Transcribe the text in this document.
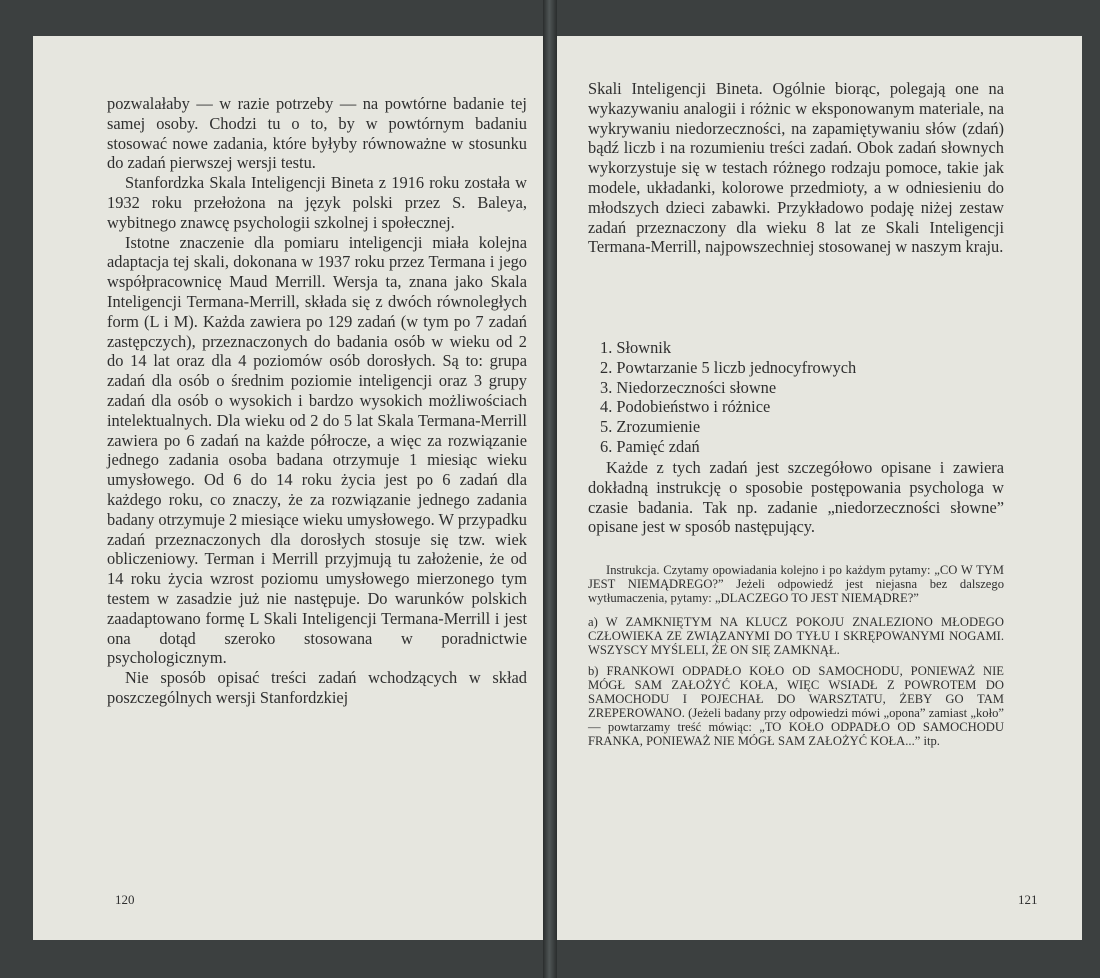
pozwalałaby — w razie potrzeby — na powtórne badanie tej samej osoby. Chodzi tu o to, by w powtórnym badaniu stosować nowe zadania, które byłyby równoważne w stosunku do zadań pierwszej wersji testu.

Stanfordzka Skala Inteligencji Bineta z 1916 roku została w 1932 roku przełożona na język polski przez S. Baleya, wybitnego znawcę psychologii szkolnej i społecznej.

Istotne znaczenie dla pomiaru inteligencji miała kolejna adaptacja tej skali, dokonana w 1937 roku przez Termana i jego współpracownicę Maud Merrill. Wersja ta, znana jako Skala Inteligencji Termana-Merrill, składa się z dwóch równoległych form (L i M). Każda zawiera po 129 zadań (w tym po 7 zadań zastępczych), przeznaczonych do badania osób w wieku od 2 do 14 lat oraz dla 4 poziomów osób dorosłych. Są to: grupa zadań dla osób o średnim poziomie inteligencji oraz 3 grupy zadań dla osób o wysokich i bardzo wysokich możliwościach intelektualnych. Dla wieku od 2 do 5 lat Skala Termana-Merrill zawiera po 6 zadań na każde półrocze, a więc za rozwiązanie jednego zadania osoba badana otrzymuje 1 miesiąc wieku umysłowego. Od 6 do 14 roku życia jest po 6 zadań dla każdego roku, co znaczy, że za rozwiązanie jednego zadania badany otrzymuje 2 miesiące wieku umysłowego. W przypadku zadań przeznaczonych dla dorosłych stosuje się tzw. wiek obliczeniowy. Terman i Merrill przyjmują tu założenie, że od 14 roku życia wzrost poziomu umysłowego mierzonego tym testem w zasadzie już nie następuje. Do warunków polskich zaadaptowano formę L Skali Inteligencji Termana-Merrill i jest ona dotąd szeroko stosowana w poradnictwie psychologicznym.

Nie sposób opisać treści zadań wchodzących w skład poszczególnych wersji Stanfordzkiej

120

Skali Inteligencji Bineta. Ogólnie biorąc, polegają one na wykazywaniu analogii i różnic w eksponowanym materiale, na wykrywaniu niedorzeczności, na zapamiętywaniu słów (zdań) bądź liczb i na rozumieniu treści zadań. Obok zadań słownych wykorzystuje się w testach różnego rodzaju pomoce, takie jak modele, układanki, kolorowe przedmioty, a w odniesieniu do młodszych dzieci zabawki. Przykładowo podaję niżej zestaw zadań przeznaczony dla wieku 8 lat ze Skali Inteligencji Termana-Merrill, najpowszechniej stosowanej w naszym kraju.

1. Słownik
2. Powtarzanie 5 liczb jednocyfrowych
3. Niedorzeczności słowne
4. Podobieństwo i różnice
5. Zrozumienie
6. Pamięć zdań

Każde z tych zadań jest szczegółowo opisane i zawiera dokładną instrukcję o sposobie postępowania psychologa w czasie badania. Tak np. zadanie „niedorzeczności słowne” opisane jest w sposób następujący.

Instrukcja. Czytamy opowiadania kolejno i po każdym pytamy: „CO W TYM JEST NIEMĄDREGO?” Jeżeli odpowiedź jest niejasna bez dalszego wytłumaczenia, pytamy: „DLACZEGO TO JEST NIEMĄDRE?”

a) W ZAMKNIĘTYM NA KLUCZ POKOJU ZNALEZIONO MŁODEGO CZŁOWIEKA ZE ZWIĄZANYMI DO TYŁU I SKRĘPOWANYMI NOGAMI. WSZYSCY MYŚLELI, ŻE ON SIĘ ZAMKNĄŁ.

b) FRANKOWI ODPADŁO KOŁO OD SAMOCHODU, PONIEWAŻ NIE MÓGŁ SAM ZAŁOŻYĆ KOŁA, WIĘC WSIADŁ Z POWROTEM DO SAMOCHODU I POJECHAŁ DO WARSZTATU, ŻEBY GO TAM ZREPEROWANO. (Jeżeli badany przy odpowiedzi mówi „opona” zamiast „koło” — powtarzamy treść mówiąc: „TO KOŁO ODPADŁO OD SAMOCHODU FRANKA, PONIEWAŻ NIE MÓGŁ SAM ZAŁOŻYĆ KOŁA...” itp.

121
